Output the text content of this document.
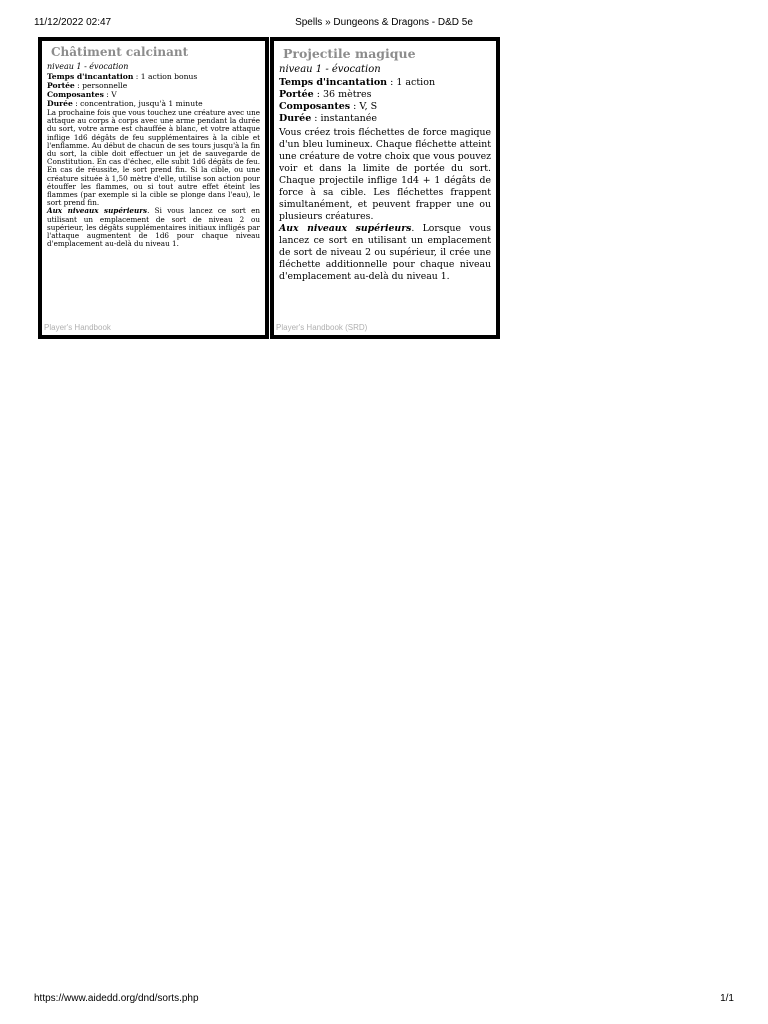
11/12/2022 02:47	Spells » Dungeons & Dragons - D&D 5e
Châtiment calcinant
niveau 1 - évocation
Temps d'incantation : 1 action bonus
Portée : personnelle
Composantes : V
Durée : concentration, jusqu'à 1 minute

La prochaine fois que vous touchez une créature avec une attaque au corps à corps avec une arme pendant la durée du sort, votre arme est chauffée à blanc, et votre attaque inflige 1d6 dégâts de feu supplémentaires à la cible et l'enflamme. Au début de chacun de ses tours jusqu'à la fin du sort, la cible doit effectuer un jet de sauvegarde de Constitution. En cas d'échec, elle subit 1d6 dégâts de feu. En cas de réussite, le sort prend fin. Si la cible, ou une créature située à 1,50 mètre d'elle, utilise son action pour étouffer les flammes, ou si tout autre effet éteint les flammes (par exemple si la cible se plonge dans l'eau), le sort prend fin.

Aux niveaux supérieurs. Si vous lancez ce sort en utilisant un emplacement de sort de niveau 2 ou supérieur, les dégâts supplémentaires initiaux infligés par l'attaque augmentent de 1d6 pour chaque niveau d'emplacement au-delà du niveau 1.

Player's Handbook
Projectile magique
niveau 1 - évocation
Temps d'incantation : 1 action
Portée : 36 mètres
Composantes : V, S
Durée : instantanée

Vous créez trois fléchettes de force magique d'un bleu lumineux. Chaque fléchette atteint une créature de votre choix que vous pouvez voir et dans la limite de portée du sort. Chaque projectile inflige 1d4 + 1 dégâts de force à sa cible. Les fléchettes frappent simultanément, et peuvent frapper une ou plusieurs créatures.

Aux niveaux supérieurs. Lorsque vous lancez ce sort en utilisant un emplacement de sort de niveau 2 ou supérieur, il crée une fléchette additionnelle pour chaque niveau d'emplacement au-delà du niveau 1.

Player's Handbook (SRD)
https://www.aidedd.org/dnd/sorts.php	1/1
